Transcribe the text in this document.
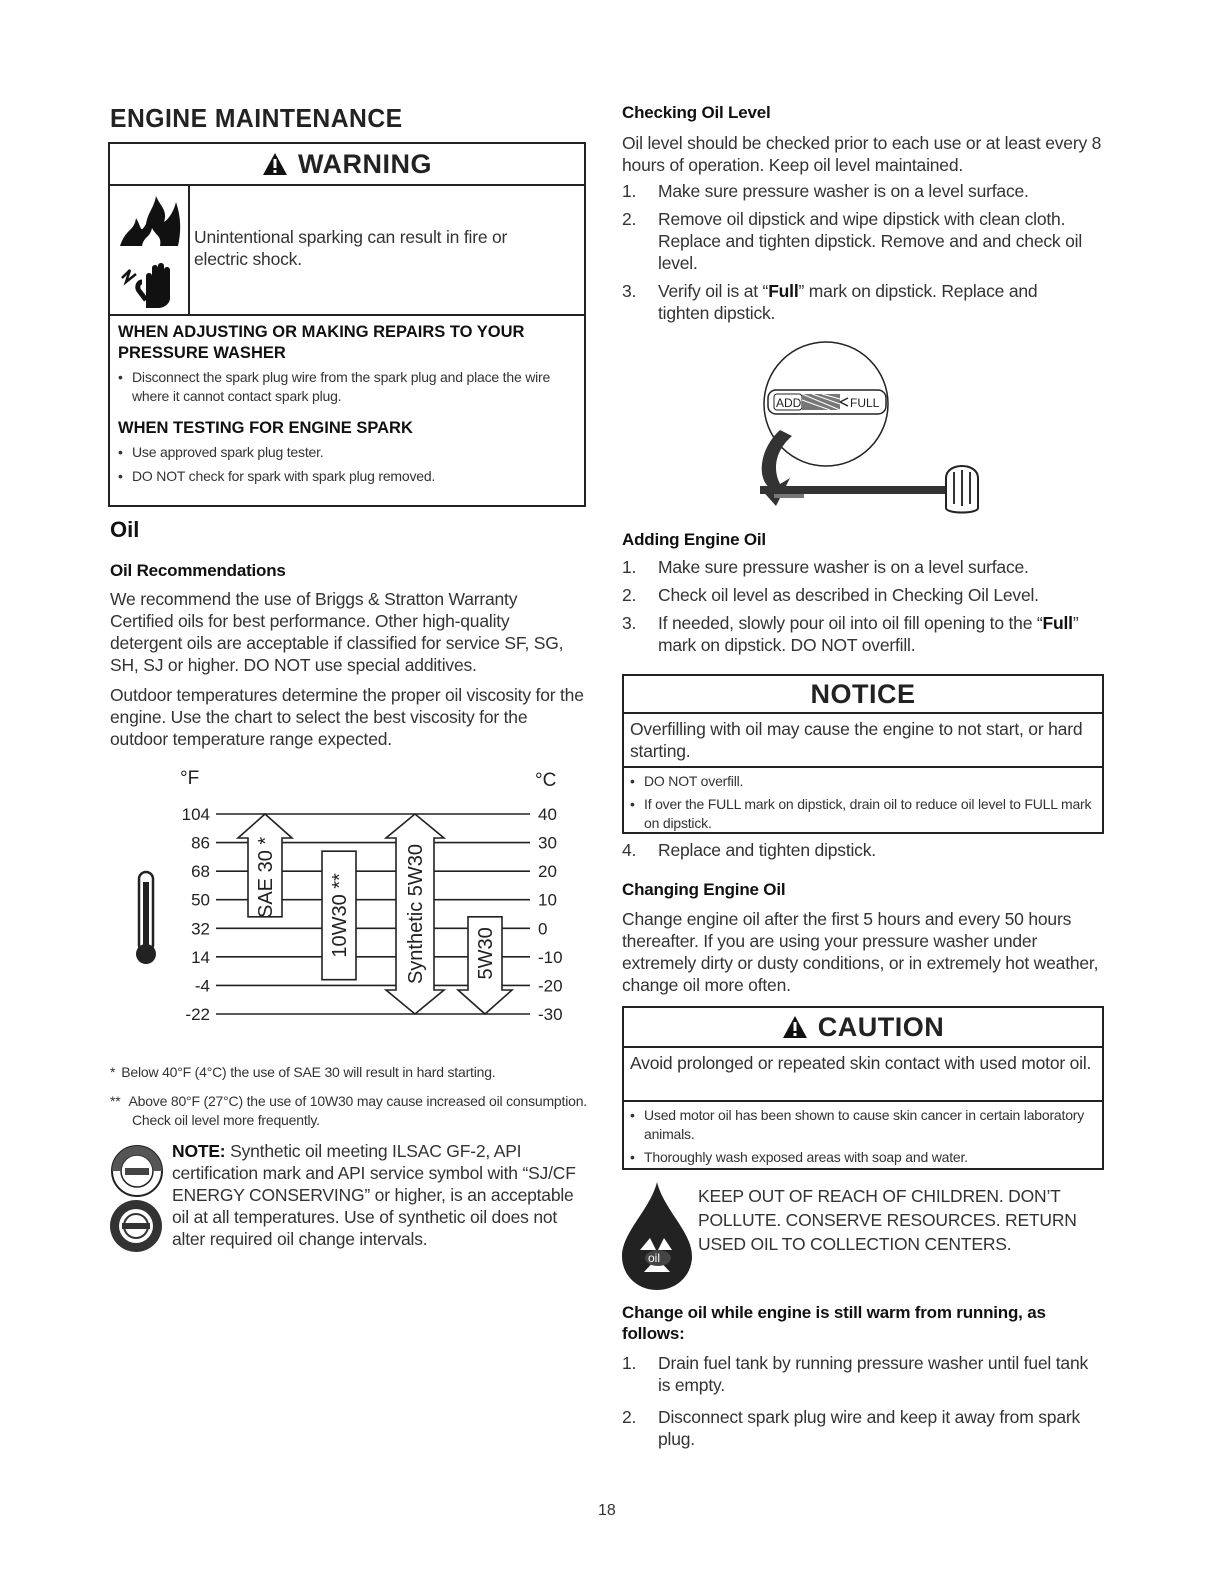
ENGINE MAINTENANCE
WARNING
Unintentional sparking can result in fire or electric shock.
WHEN ADJUSTING OR MAKING REPAIRS TO YOUR
PRESSURE WASHER
• Disconnect the spark plug wire from the spark plug and place the wire where it cannot contact spark plug.
WHEN TESTING FOR ENGINE SPARK
• Use approved spark plug tester.
• DO NOT check for spark with spark plug removed.
Oil
Oil Recommendations
We recommend the use of Briggs & Stratton Warranty Certified oils for best performance. Other high-quality detergent oils are acceptable if classified for service SF, SG, SH, SJ or higher. DO NOT use special additives.
Outdoor temperatures determine the proper oil viscosity for the engine. Use the chart to select the best viscosity for the outdoor temperature range expected.
°F	°C
104
86
68
50
32
14
-4
-22
40
30
20
10
0
-10
-20
-30
SAE 30 *	10W30 **	Synthetic 5W30 5W30
* Below 40°F (4°C) the use of SAE 30 will result in hard starting.
** Above 80°F (27°C) the use of 10W30 may cause increased oil consumption. Check oil level more frequently.
NOTE: Synthetic oil meeting ILSAC GF-2, API certification mark and API service symbol with “SJ/CF ENERGY CONSERVING” or higher, is an acceptable oil at all temperatures. Use of synthetic oil does not alter required oil change intervals.
Checking Oil Level
Oil level should be checked prior to each use or at least every 8 hours of operation. Keep oil level maintained.
1. Make sure pressure washer is on a level surface.
2. Remove oil dipstick and wipe dipstick with clean cloth. Replace and tighten dipstick. Remove and and check oil level.
3. Verify oil is at “Full” mark on dipstick. Replace and tighten dipstick.
ADD	FULL
Adding Engine Oil
1. Make sure pressure washer is on a level surface.
2. Check oil level as described in Checking Oil Level.
3. If needed, slowly pour oil into oil fill opening to the “Full” mark on dipstick. DO NOT overfill.
NOTICE
Overfilling with oil may cause the engine to not start, or hard starting.
• DO NOT overfill.
• If over the FULL mark on dipstick, drain oil to reduce oil level to FULL mark on dipstick.
4. Replace and tighten dipstick.
Changing Engine Oil
Change engine oil after the first 5 hours and every 50 hours thereafter. If you are using your pressure washer under extremely dirty or dusty conditions, or in extremely hot weather, change oil more often.
CAUTION
Avoid prolonged or repeated skin contact with used motor oil.
• Used motor oil has been shown to cause skin cancer in certain laboratory animals.
• Thoroughly wash exposed areas with soap and water.
oil
KEEP OUT OF REACH OF CHILDREN. DON’T POLLUTE. CONSERVE RESOURCES. RETURN USED OIL TO COLLECTION CENTERS.
Change oil while engine is still warm from running, as follows:
1. Drain fuel tank by running pressure washer until fuel tank is empty.
2. Disconnect spark plug wire and keep it away from spark plug.
18
